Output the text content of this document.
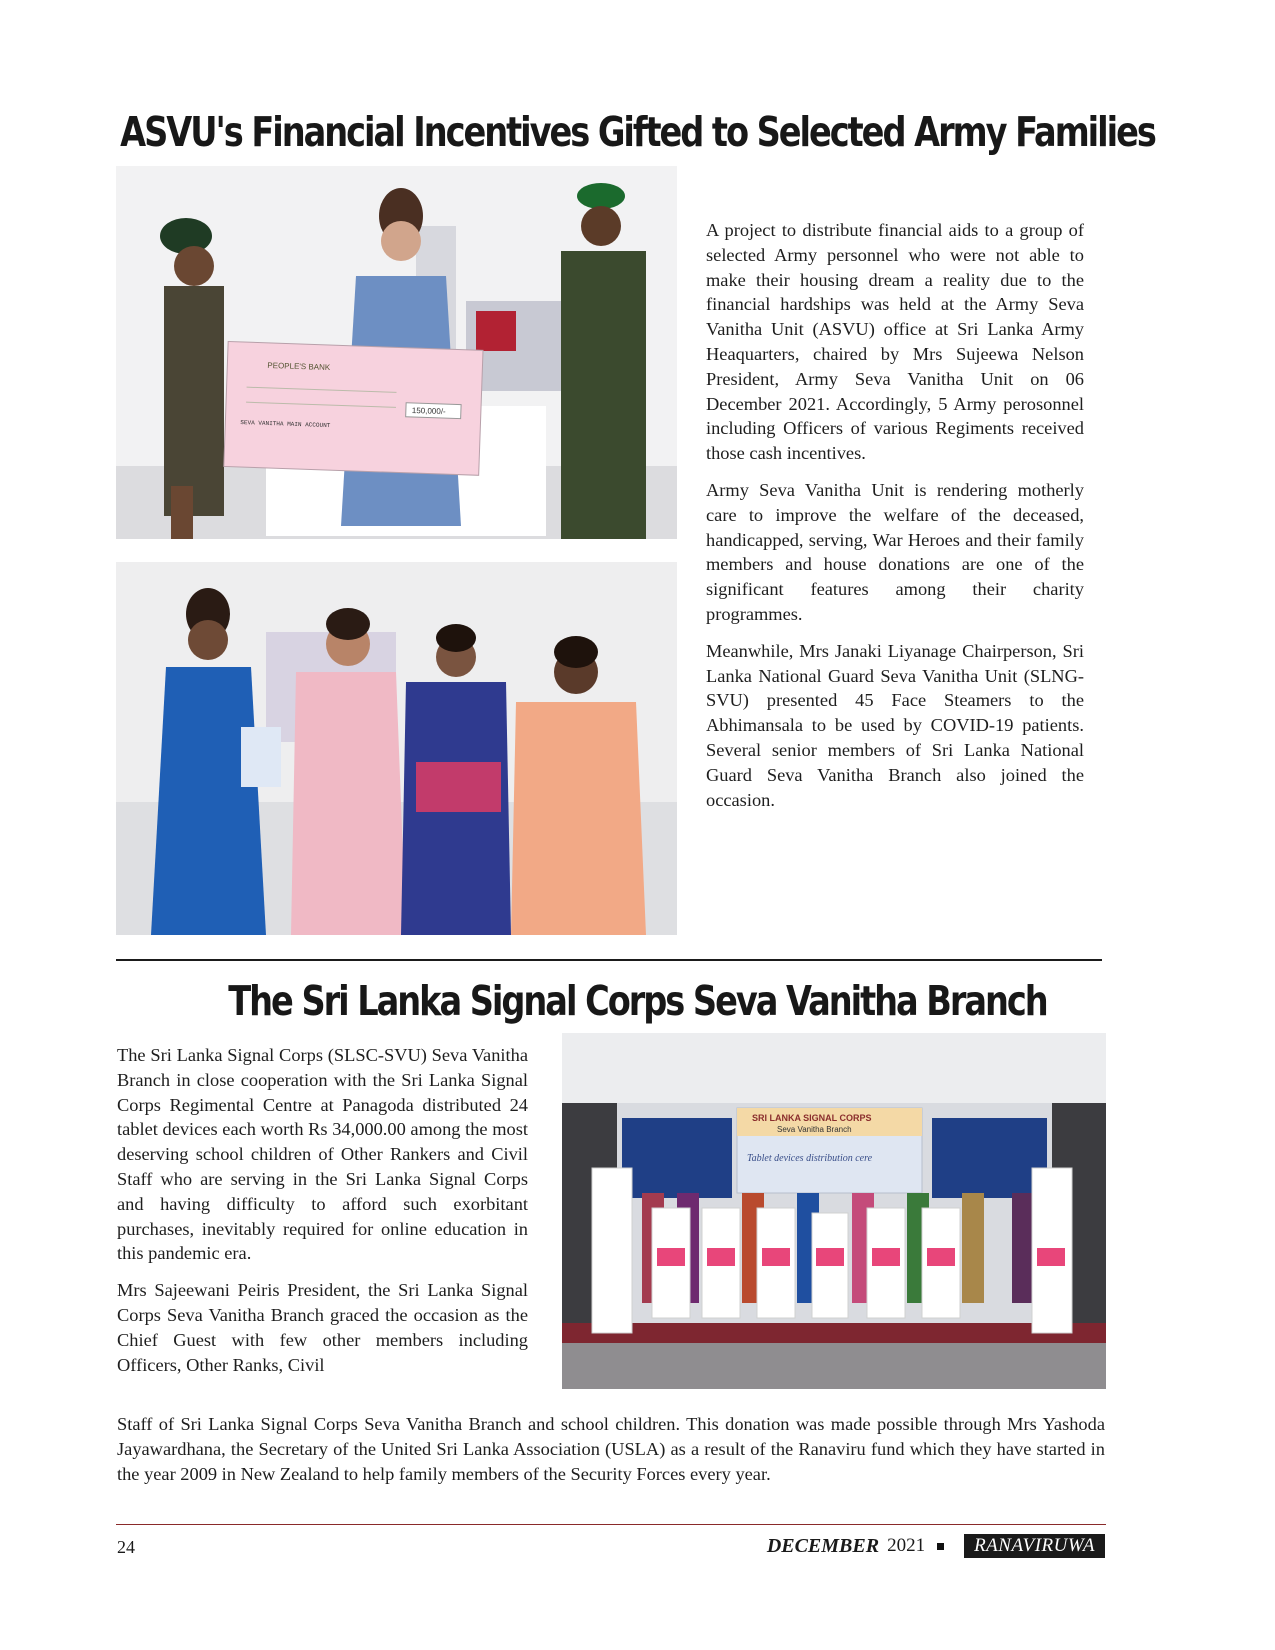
ASVU's Financial Incentives Gifted to Selected Army Families
PEOPLE'S BANK
150,000/-
SEVA VANITHA MAIN ACCOUNT

A project to distribute financial aids to a group of selected Army personnel who were not able to make their housing dream a reality due to the financial hardships was held at the Army Seva Vanitha Unit (ASVU) office at Sri Lanka Army Heaquarters, chaired by Mrs Sujeewa Nelson President, Army Seva Vanitha Unit on 06 December 2021. Accordingly, 5 Army perosonnel including Officers of various Regiments received those cash incentives.

Army Seva Vanitha Unit is rendering motherly care to improve the welfare of the deceased, handicapped, serving, War Heroes and their family members and house donations are one of the significant features among their charity programmes.

Meanwhile, Mrs Janaki Liyanage Chairperson, Sri Lanka National Guard Seva Vanitha Unit (SLNG-SVU) presented 45 Face Steamers to the Abhimansala to be used by COVID-19 patients. Several senior members of Sri Lanka National Guard Seva Vanitha Branch also joined the occasion.

The Sri Lanka Signal Corps Seva Vanitha Branch

The Sri Lanka Signal Corps (SLSC-SVU) Seva Vanitha Branch in close cooperation with the Sri Lanka Signal Corps Regimental Centre at Panagoda distributed 24 tablet devices each worth Rs 34,000.00 among the most deserving school children of Other Rankers and Civil Staff who are serving in the Sri Lanka Signal Corps and having difficulty to afford such exorbitant purchases, inevitably required for online education in this pandemic era.

Mrs Sajeewani Peiris President, the Sri Lanka Signal Corps Seva Vanitha Branch graced the occasion as the Chief Guest with few other members including Officers, Other Ranks, Civil

SRI LANKA SIGNAL CORPS
Seva Vanitha Branch
Tablet devices distribution cere

Staff of Sri Lanka Signal Corps Seva Vanitha Branch and school children. This donation was made possible through Mrs Yashoda Jayawardhana, the Secretary of the United Sri Lanka Association (USLA) as a result of the Ranaviru fund which they have started in the year 2009 in New Zealand to help family members of the Security Forces every year.

24	DECEMBER 2021	RANAVIRUWA
